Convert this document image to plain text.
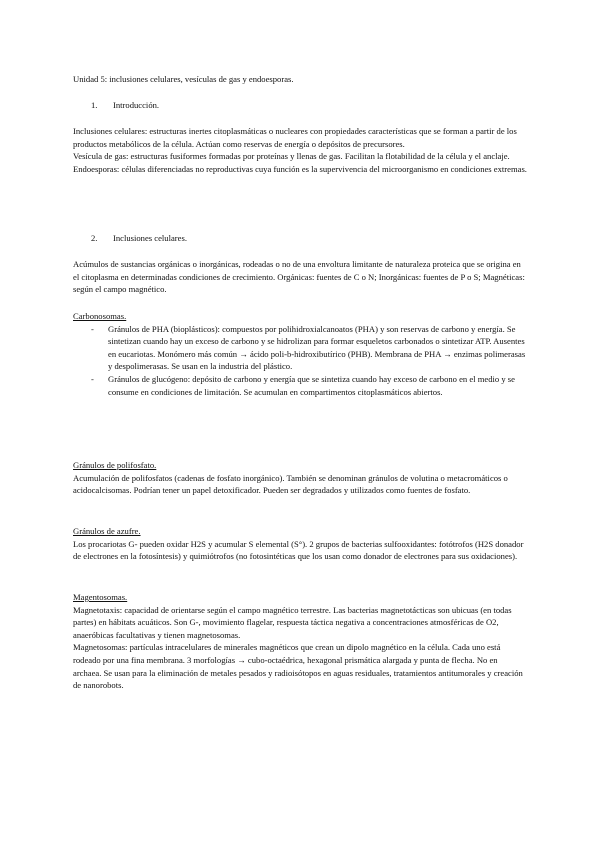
Unidad 5: inclusiones celulares, vesículas de gas y endoesporas.

1. Introducción.

Inclusiones celulares: estructuras inertes citoplasmáticas o nucleares con propiedades características que se forman a partir de los productos metabólicos de la célula. Actúan como reservas de energía o depósitos de precursores.

Vesícula de gas: estructuras fusiformes formadas por proteínas y llenas de gas. Facilitan la flotabilidad de la célula y el anclaje.

Endoesporas: células diferenciadas no reproductivas cuya función es la supervivencia del microorganismo en condiciones extremas.

2. Inclusiones celulares.

Acúmulos de sustancias orgánicas o inorgánicas, rodeadas o no de una envoltura limitante de naturaleza proteica que se origina en el citoplasma en determinadas condiciones de crecimiento. Orgánicas: fuentes de C o N; Inorgánicas: fuentes de P o S; Magnéticas: según el campo magnético.

Carbonosomas.

- Gránulos de PHA (bioplásticos): compuestos por polihidroxialcanoatos (PHA) y son reservas de carbono y energía. Se sintetizan cuando hay un exceso de carbono y se hidrolizan para formar esqueletos carbonados o sintetizar ATP. Ausentes en eucariotas. Monómero más común → ácido poli-b-hidroxibutírico (PHB). Membrana de PHA → enzimas polimerasas y despolimerasas. Se usan en la industria del plástico.

- Gránulos de glucógeno: depósito de carbono y energía que se sintetiza cuando hay exceso de carbono en el medio y se consume en condiciones de limitación. Se acumulan en compartimentos citoplasmáticos abiertos.

Gránulos de polifosfato.

Acumulación de polifosfatos (cadenas de fosfato inorgánico). También se denominan gránulos de volutina o metacromáticos o acidocalcisomas. Podrían tener un papel detoxificador. Pueden ser degradados y utilizados como fuentes de fosfato.

Gránulos de azufre.

Los procariotas G- pueden oxidar H2S y acumular S elemental (S°). 2 grupos de bacterias sulfooxidantes: fotótrofos (H2S donador de electrones en la fotosíntesis) y quimiótrofos (no fotosintéticas que los usan como donador de electrones para sus oxidaciones).

Magentosomas.

Magnetotaxis: capacidad de orientarse según el campo magnético terrestre. Las bacterias magnetotácticas son ubicuas (en todas partes) en hábitats acuáticos. Son G-, movimiento flagelar, respuesta táctica negativa a concentraciones atmosféricas de O2, anaeróbicas facultativas y tienen magnetosomas.

Magnetosomas: partículas intracelulares de minerales magnéticos que crean un dipolo magnético en la célula. Cada uno está rodeado por una fina membrana. 3 morfologías → cubo-octaédrica, hexagonal prismática alargada y punta de flecha. No en archaea. Se usan para la eliminación de metales pesados y radioisótopos en aguas residuales, tratamientos antitumorales y creación de nanorobots.
